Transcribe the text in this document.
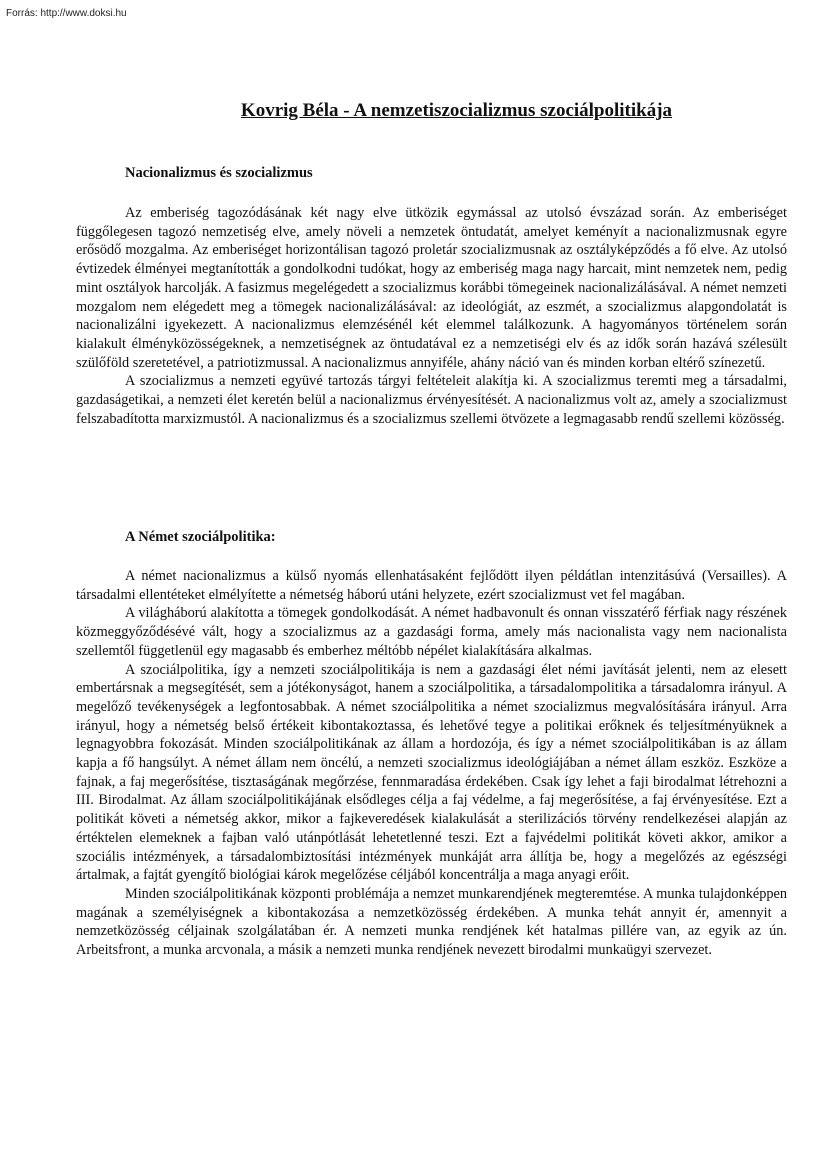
Forrás: http://www.doksi.hu
Kovrig Béla - A nemzetiszocializmus szociálpolitikája
Nacionalizmus és szocializmus

Az emberiség tagozódásának két nagy elve ütközik egymással az utolsó évszázad során. Az emberiséget függőlegesen tagozó nemzetiség elve, amely növeli a nemzetek öntudatát, amelyet keményít a nacionalizmusnak egyre erősödő mozgalma. Az emberiséget horizontálisan tagozó proletár szocializmusnak az osztályképződés a fő elve. Az utolsó évtizedek élményei megtanították a gondolkodni tudókat, hogy az emberiség maga nagy harcait, mint nemzetek nem, pedig mint osztályok harcolják. A fasizmus megelégedett a szocializmus korábbi tömegeinek nacionalizálásával. A német nemzeti mozgalom nem elégedett meg a tömegek nacionalizálásával: az ideológiát, az eszmét, a szocializmus alapgondolatát is nacionalizálni igyekezett. A nacionalizmus elemzésénél két elemmel találkozunk. A hagyományos történelem során kialakult élményközösségeknek, a nemzetiségnek az öntudatával ez a nemzetiségi elv és az idők során hazává szélesült szülőföld szeretetével, a patriotizmussal. A nacionalizmus annyiféle, ahány náció van és minden korban eltérő színezetű.

A szocializmus a nemzeti együvé tartozás tárgyi feltételeit alakítja ki. A szocializmus teremti meg a társadalmi, gazdaságetikai, a nemzeti élet keretén belül a nacionalizmus érvényesítését. A nacionalizmus volt az, amely a szocializmust felszabadította marxizmustól. A nacionalizmus és a szocializmus szellemi ötvözete a legmagasabb rendű szellemi közösség.

A Német szociálpolitika:

A német nacionalizmus a külső nyomás ellenhatásaként fejlődött ilyen példátlan intenzitásúvá (Versailles). A társadalmi ellentéteket elmélyítette a németség háború utáni helyzete, ezért szocializmust vet fel magában.

A világháború alakította a tömegek gondolkodását. A német hadbavonult és onnan visszatérő férfiak nagy részének közmeggyőződésévé vált, hogy a szocializmus az a gazdasági forma, amely más nacionalista vagy nem nacionalista szellemtől függetlenül egy magasabb és emberhez méltóbb népélet kialakítására alkalmas.

A szociálpolitika, így a nemzeti szociálpolitikája is nem a gazdasági élet némi javítását jelenti, nem az elesett embertársnak a megsegítését, sem a jótékonyságot, hanem a szociálpolitika, a társadalompolitika a társadalomra irányul. A megelőző tevékenységek a legfontosabbak. A német szociálpolitika a német szocializmus megvalósítására irányul. Arra irányul, hogy a németség belső értékeit kibontakoztassa, és lehetővé tegye a politikai erőknek és teljesítményüknek a legnagyobbra fokozását. Minden szociálpolitikának az állam a hordozója, és így a német szociálpolitikában is az állam kapja a fő hangsúlyt. A német állam nem öncélú, a nemzeti szocializmus ideológiájában a német állam eszköz. Eszköze a fajnak, a faj megerősítése, tisztaságának megőrzése, fennmaradása érdekében. Csak így lehet a faji birodalmat létrehozni a III. Birodalmat. Az állam szociálpolitikájának elsődleges célja a faj védelme, a faj megerősítése, a faj érvényesítése. Ezt a politikát követi a németség akkor, mikor a fajkeveredések kialakulását a sterilizációs törvény rendelkezései alapján az értéktelen elemeknek a fajban való utánpótlását lehetetlenné teszi. Ezt a fajvédelmi politikát követi akkor, amikor a szociális intézmények, a társadalombiztosítási intézmények munkáját arra állítja be, hogy a megelőzés az egészségi ártalmak, a fajtát gyengítő biológiai károk megelőzése céljából koncentrálja a maga anyagi erőit.

Minden szociálpolitikának központi problémája a nemzet munkarendjének megteremtése. A munka tulajdonképpen magának a személyiségnek a kibontakozása a nemzetközösség érdekében. A munka tehát annyit ér, amennyit a nemzetközösség céljainak szolgálatában ér. A nemzeti munka rendjének két hatalmas pillére van, az egyik az ún. Arbeitsfront, a munka arcvonala, a másik a nemzeti munka rendjének nevezett birodalmi munkaügyi szervezet.
